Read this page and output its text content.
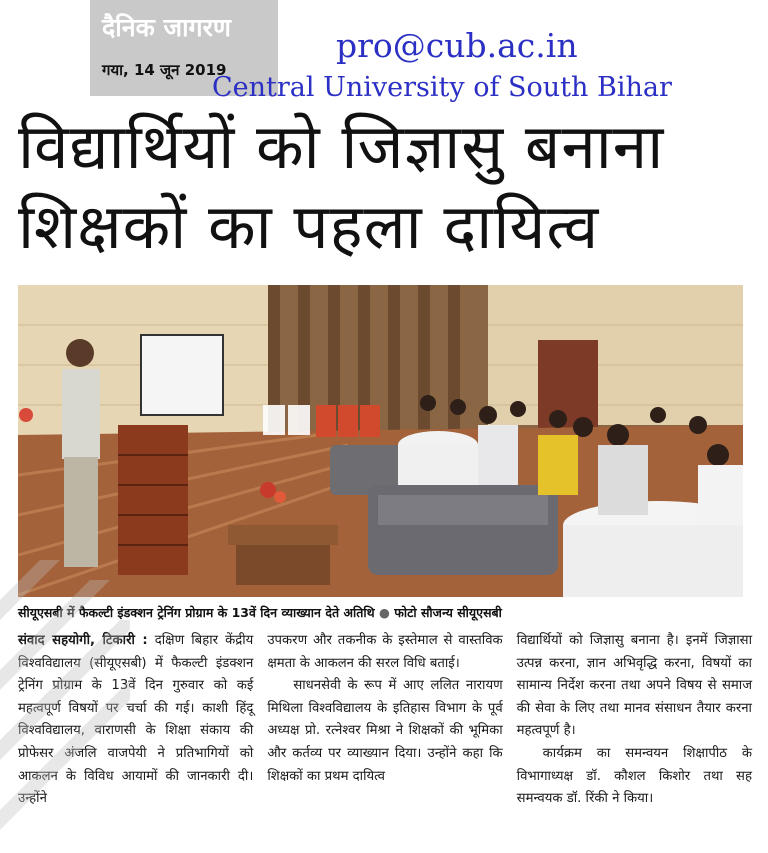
दैनिक जागरण
गया, 14 जून 2019
pro@cub.ac.in
Central University of South Bihar
विद्यार्थियों को जिज्ञासु बनाना
शिक्षकों का पहला दायित्व
सीयूएसबी में फैकल्टी इंडक्शन ट्रेनिंग प्रोग्राम के 13वें दिन व्याख्यान देते अतिथि ● फोटो सौजन्य सीयूएसबी

संवाद सहयोगी, टिकारी : दक्षिण बिहार केंद्रीय विश्वविद्यालय (सीयूएसबी) में फैकल्टी इंडक्शन ट्रेनिंग प्रोग्राम के 13वें दिन गुरुवार को कई महत्वपूर्ण विषयों पर चर्चा की गई। काशी हिंदू विश्वविद्यालय, वाराणसी के शिक्षा संकाय की प्रोफेसर अंजलि वाजपेयी ने प्रतिभागियों को आकलन के विविध आयामों की जानकारी दी। उन्होंने

उपकरण और तकनीक के इस्तेमाल से वास्तविक क्षमता के आकलन की सरल विधि बताई।

साधनसेवी के रूप में आए ललित नारायण मिथिला विश्वविद्यालय के इतिहास विभाग के पूर्व अध्यक्ष प्रो. रत्नेश्वर मिश्रा ने शिक्षकों की भूमिका और कर्तव्य पर व्याख्यान दिया। उन्होंने कहा कि शिक्षकों का प्रथम दायित्व

विद्यार्थियों को जिज्ञासु बनाना है। इनमें जिज्ञासा उत्पन्न करना, ज्ञान अभिवृद्धि करना, विषयों का सामान्य निर्देश करना तथा अपने विषय से समाज की सेवा के लिए तथा मानव संसाधन तैयार करना महत्वपूर्ण है।

कार्यक्रम का समन्वयन शिक्षापीठ के विभागाध्यक्ष डॉ. कौशल किशोर तथा सह समन्वयक डॉ. रिंकी ने किया।
